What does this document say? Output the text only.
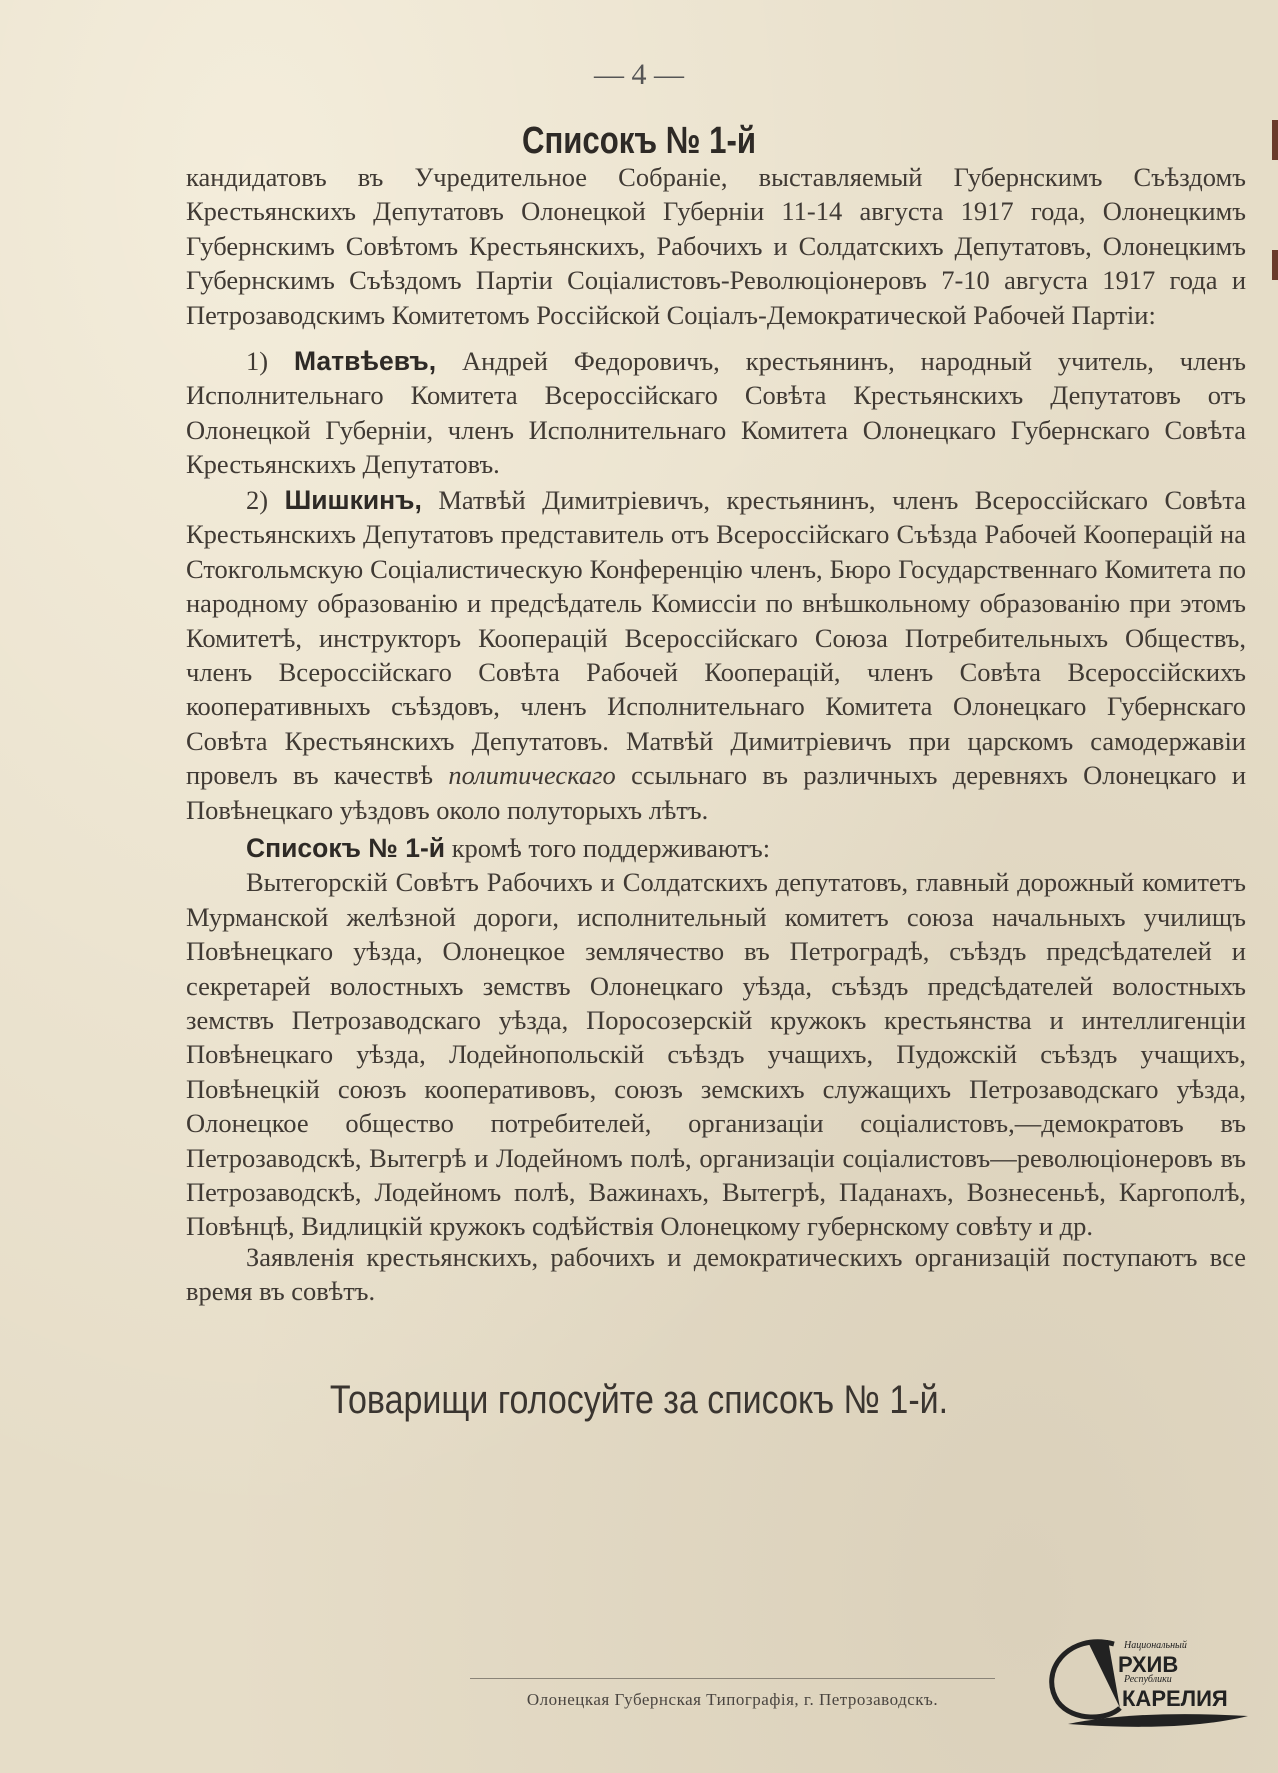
— 4 —
Списокъ № 1-й
кандидатовъ въ Учредительное Собраніе, выставляемый Губернскимъ Съѣздомъ Крестьянскихъ Депутатовъ Олонецкой Губерніи 11-14 августа 1917 года, Олонецкимъ Губернскимъ Совѣтомъ Крестьянскихъ, Рабочихъ и Солдатскихъ Депутатовъ, Олонецкимъ Губернскимъ Съѣздомъ Партіи Соціалистовъ-Революціонеровъ 7-10 августа 1917 года и Петрозаводскимъ Комитетомъ Россійской Соціалъ-Демократической Рабочей Партіи:
1) Матвѣевъ, Андрей Федоровичъ, крестьянинъ, народный учитель, членъ Исполнительнаго Комитета Всероссійскаго Совѣта Крестьянскихъ Депутатовъ отъ Олонецкой Губерніи, членъ Исполнительнаго Комитета Олонецкаго Губернскаго Совѣта Крестьянскихъ Депутатовъ.
2) Шишкинъ, Матвѣй Димитріевичъ, крестьянинъ, членъ Всероссійскаго Совѣта Крестьянскихъ Депутатовъ представитель отъ Всероссійскаго Съѣзда Рабочей Кооперацій на Стокгольмскую Соціалистическую Конференцію членъ, Бюро Государственнаго Комитета по народному образованію и предсѣдатель Комиссіи по внѣшкольному образованію при этомъ Комитетѣ, инструкторъ Кооперацій Всероссійскаго Союза Потребительныхъ Обществъ, членъ Всероссійскаго Совѣта Рабочей Кооперацій, членъ Совѣта Всероссійскихъ кооперативныхъ съѣздовъ, членъ Исполнительнаго Комитета Олонецкаго Губернскаго Совѣта Крестьянскихъ Депутатовъ. Матвѣй Димитріевичъ при царскомъ самодержавіи провелъ въ качествѣ политическаго ссыльнаго въ различныхъ деревняхъ Олонецкаго и Повѣнецкаго уѣздовъ около полуторыхъ лѣтъ.
Списокъ № 1-й кромѣ того поддерживаютъ:
Вытегорскій Совѣтъ Рабочихъ и Солдатскихъ депутатовъ, главный дорожный комитетъ Мурманской желѣзной дороги, исполнительный комитетъ союза начальныхъ училищъ Повѣнецкаго уѣзда, Олонецкое землячество въ Петроградѣ, съѣздъ предсѣдателей и секретарей волостныхъ земствъ Олонецкаго уѣзда, съѣздъ предсѣдателей волостныхъ земствъ Петрозаводскаго уѣзда, Поросозерскій кружокъ крестьянства и интеллигенціи Повѣнецкаго уѣзда, Лодейнопольскій съѣздъ учащихъ, Пудожскій съѣздъ учащихъ, Повѣнецкій союзъ кооперативовъ, союзъ земскихъ служащихъ Петрозаводскаго уѣзда, Олонецкое общество потребителей, организаціи соціалистовъ,—демократовъ въ Петрозаводскѣ, Вытегрѣ и Лодейномъ полѣ, организаціи соціалистовъ—революціонеровъ въ Петрозаводскѣ, Лодейномъ полѣ, Важинахъ, Вытегрѣ, Паданахъ, Вознесеньѣ, Каргополѣ, Повѣнцѣ, Видлицкій кружокъ содѣйствія Олонецкому губернскому совѣту и др.
Заявленія крестьянскихъ, рабочихъ и демократическихъ организацій поступаютъ все время въ совѣтъ.
Товарищи голосуйте за списокъ № 1-й.
Олонецкая Губернская Типографія, г. Петрозаводскъ.
Национальный
РХИВ
Республики
КАРЕЛИЯ
